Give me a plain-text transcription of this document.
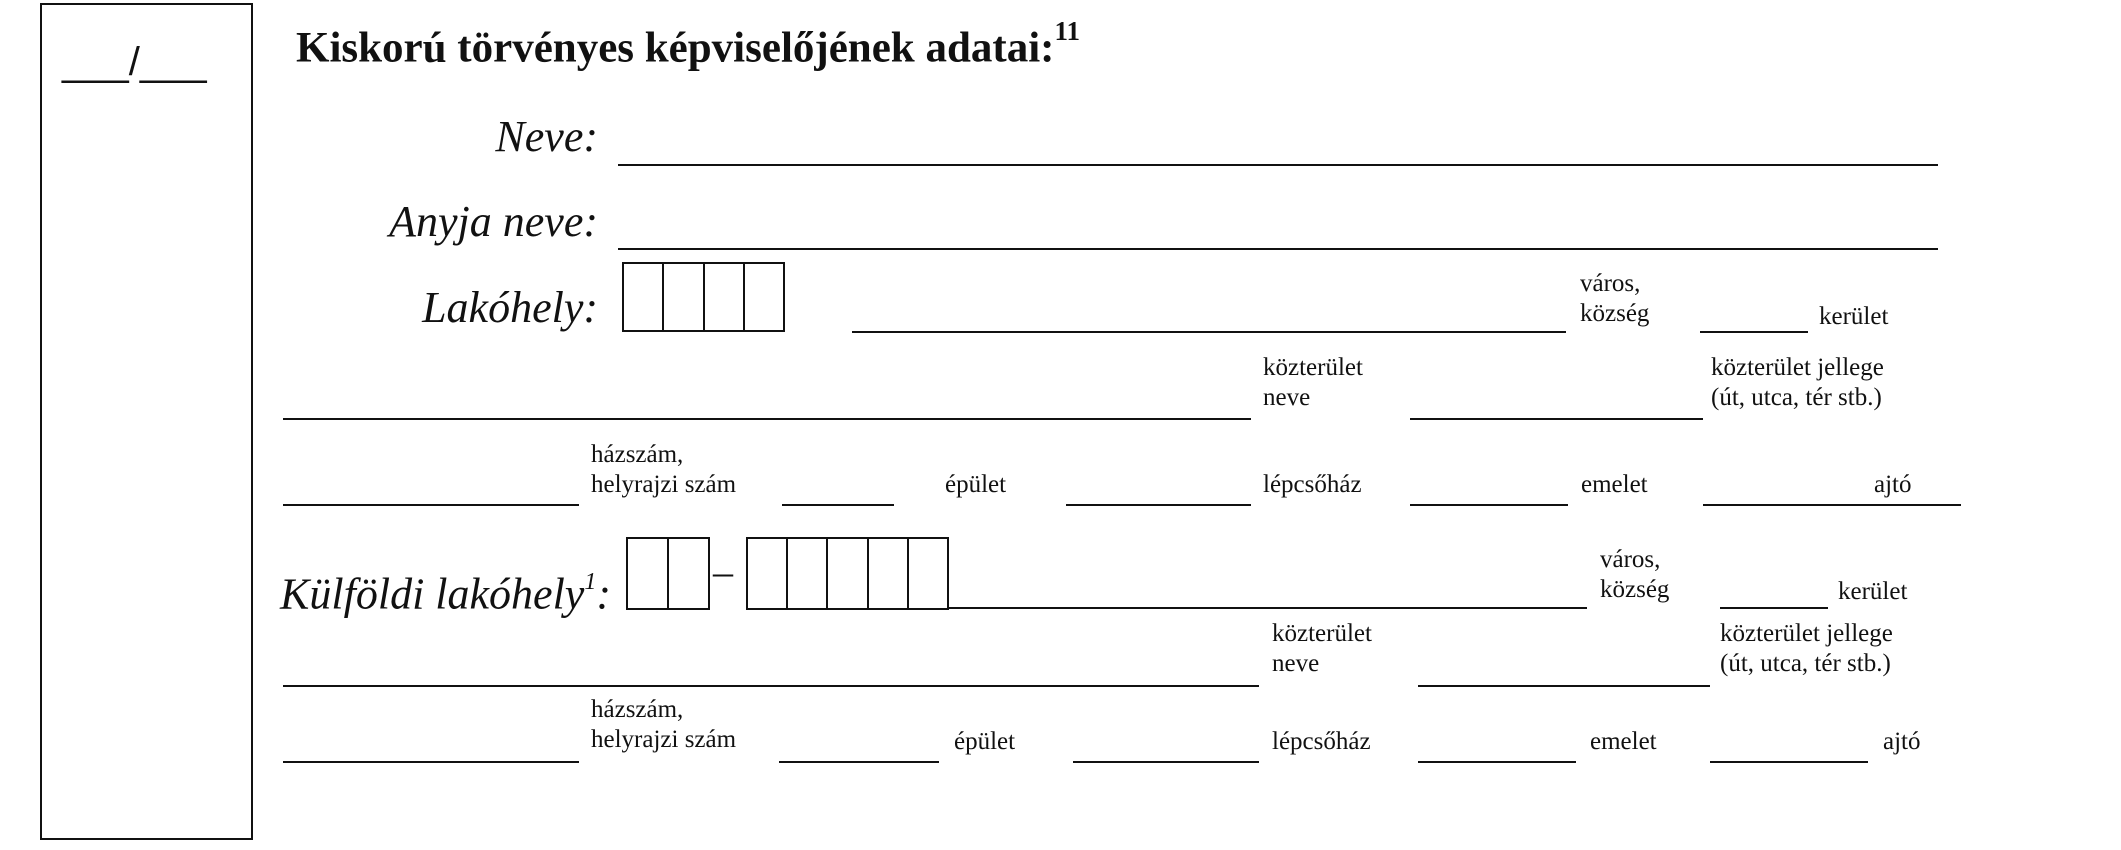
___/___ Kiskorú törvényes képviselőjének adatai:$^{11}$
Neve:
Anyja neve:
Lakóhely:	város,
község	kerület
közterület
neve
közterület jellege
(út, utca, tér stb.)
házszám,
helyrajzi szám	épület	lépcsőház	emelet	ajtó
Külföldi lakóhely$^1$:	–	város,
község	kerület
közterület
neve
közterület jellege
(út, utca, tér stb.)
házszám,
helyrajzi szám	épület	lépcsőház	emelet	ajtó
